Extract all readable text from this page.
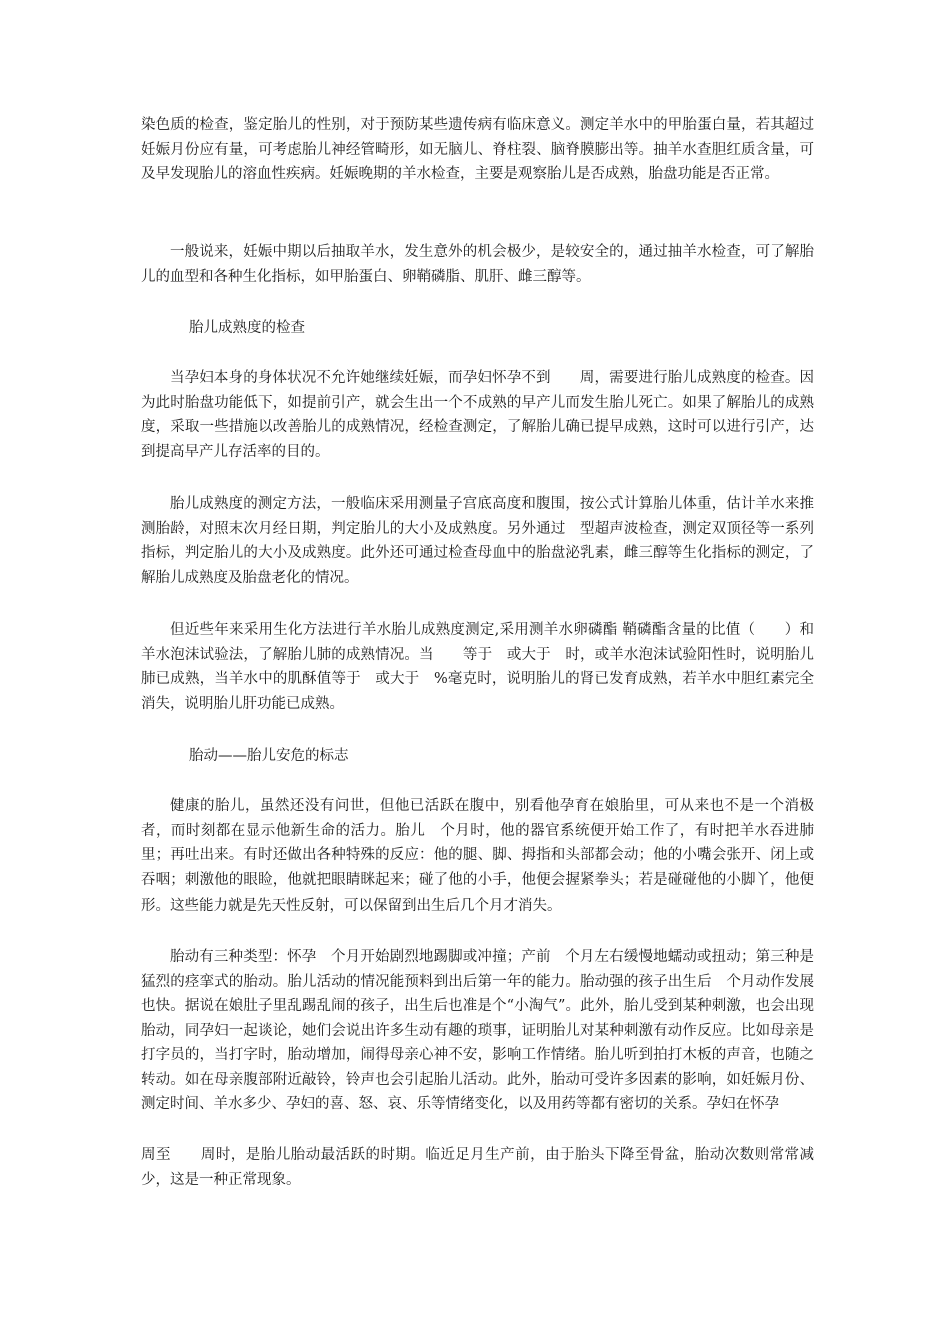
染色质的检查，鉴定胎儿的性别，对于预防某些遗传病有临床意义。测定羊水中的甲胎蛋白量，若其超过妊娠月份应有量，可考虑胎儿神经管畸形，如无脑儿、脊柱裂、脑脊膜膨出等。抽羊水查胆红质含量，可及早发现胎儿的溶血性疾病。妊娠晚期的羊水检查，主要是观察胎儿是否成熟，胎盘功能是否正常。

一般说来，妊娠中期以后抽取羊水，发生意外的机会极少，是较安全的，通过抽羊水检查，可了解胎儿的血型和各种生化指标，如甲胎蛋白、卵鞘磷脂、肌肝、雌三醇等。

胎儿成熟度的检查

当孕妇本身的身体状况不允许她继续妊娠，而孕妇怀孕不到　　周，需要进行胎儿成熟度的检查。因为此时胎盘功能低下，如提前引产，就会生出一个不成熟的早产儿而发生胎儿死亡。如果了解胎儿的成熟度，采取一些措施以改善胎儿的成熟情况，经检查测定，了解胎儿确已提早成熟，这时可以进行引产，达到提高早产儿存活率的目的。

胎儿成熟度的测定方法，一般临床采用测量子宫底高度和腹围，按公式计算胎儿体重，估计羊水来推测胎龄，对照末次月经日期，判定胎儿的大小及成熟度。另外通过　型超声波检查，测定双顶径等一系列指标，判定胎儿的大小及成熟度。此外还可通过检查母血中的胎盘泌乳素，雌三醇等生化指标的测定，了解胎儿成熟度及胎盘老化的情况。

但近些年来采用生化方法进行羊水胎儿成熟度测定,采用测羊水卵磷酯 鞘磷酯含量的比值（　　）和羊水泡沫试验法，了解胎儿肺的成熟情况。当　　等于　或大于　时，或羊水泡沫试验阳性时，说明胎儿肺已成熟，当羊水中的肌酥值等于　或大于　%毫克时，说明胎儿的肾已发育成熟，若羊水中胆红素完全消失，说明胎儿肝功能已成熟。

胎动——胎儿安危的标志

健康的胎儿，虽然还没有问世，但他已活跃在腹中，别看他孕育在娘胎里，可从来也不是一个消极者，而时刻都在显示他新生命的活力。胎儿　个月时，他的器官系统便开始工作了，有时把羊水吞进肺里；再吐出来。有时还做出各种特殊的反应：他的腿、脚、拇指和头部都会动；他的小嘴会张开、闭上或吞咽；刺激他的眼睑，他就把眼睛眯起来；碰了他的小手，他便会握紧拳头；若是碰碰他的小脚丫，他便

形。这些能力就是先天性反射，可以保留到出生后几个月才消失。

胎动有三种类型：怀孕　个月开始剧烈地踢脚或冲撞；产前　个月左右缓慢地蠕动或扭动；第三种是猛烈的痉挛式的胎动。胎儿活动的情况能预料到出后第一年的能力。胎动强的孩子出生后　个月动作发展也快。据说在娘肚子里乱踢乱闹的孩子，出生后也准是个“小淘气”。此外，胎儿受到某种刺激，也会出现胎动，同孕妇一起谈论，她们会说出许多生动有趣的琐事，证明胎儿对某种刺激有动作反应。比如母亲是打字员的，当打字时，胎动增加，闹得母亲心神不安，影响工作情绪。胎儿听到拍打木板的声音，也随之转动。如在母亲腹部附近敲铃，铃声也会引起胎儿活动。此外，胎动可受许多因素的影响，如妊娠月份、测定时间、羊水多少、孕妇的喜、怒、哀、乐等情绪变化，以及用药等都有密切的关系。孕妇在怀孕

周至　　周时，是胎儿胎动最活跃的时期。临近足月生产前，由于胎头下降至骨盆，胎动次数则常常减少，这是一种正常现象。
